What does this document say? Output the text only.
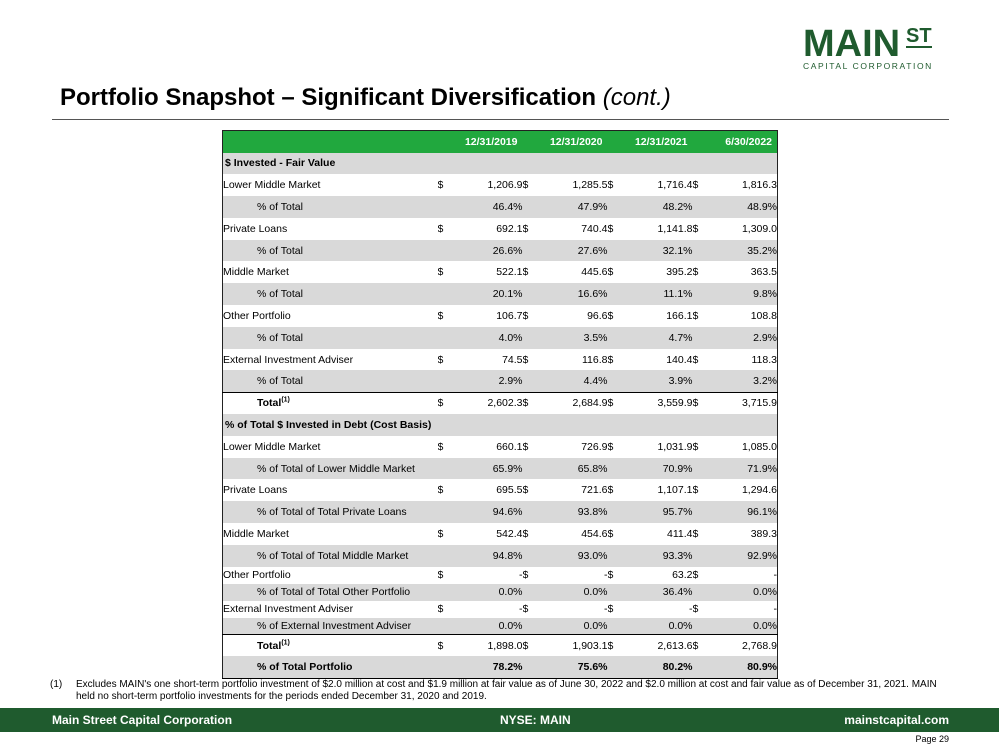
MAIN ST
CAPITAL CORPORATION
Portfolio Snapshot – Significant Diversification (cont.)
	12/31/2019		12/31/2020		12/31/2021		6/30/2022	
$ Invested - Fair Value								
Lower Middle Market	$	1,206.9	$	1,285.5	$	1,716.4	$	1,816.3
% of Total		46.4%		47.9%		48.2%		48.9%
Private Loans	$	692.1	$	740.4	$	1,141.8	$	1,309.0
% of Total		26.6%		27.6%		32.1%		35.2%
Middle Market	$	522.1	$	445.6	$	395.2	$	363.5
% of Total		20.1%		16.6%		11.1%		9.8%
Other Portfolio	$	106.7	$	96.6	$	166.1	$	108.8
% of Total		4.0%		3.5%		4.7%		2.9%
External Investment Adviser	$	74.5	$	116.8	$	140.4	$	118.3
% of Total		2.9%		4.4%		3.9%		3.2%
Total$^{(1)}$	$	2,602.3	$	2,684.9	$	3,559.9	$	3,715.9
% of Total $ Invested in Debt (Cost Basis)								
Lower Middle Market	$	660.1	$	726.9	$	1,031.9	$	1,085.0
% of Total of Lower Middle Market		65.9%		65.8%		70.9%		71.9%
Private Loans	$	695.5	$	721.6	$	1,107.1	$	1,294.6
% of Total of Total Private Loans		94.6%		93.8%		95.7%		96.1%
Middle Market	$	542.4	$	454.6	$	411.4	$	389.3
% of Total of Total Middle Market		94.8%		93.0%		93.3%		92.9%
Other Portfolio	$	-	$	-	$	63.2	$	-
% of Total of Total Other Portfolio		0.0%		0.0%		36.4%		0.0%
External Investment Adviser	$	-	$	-	$	-	$	-
% of External Investment Adviser		0.0%		0.0%		0.0%		0.0%
Total$^{(1)}$	$	1,898.0	$	1,903.1	$	2,613.6	$	2,768.9
% of Total Portfolio		78.2%		75.6%		80.2%		80.9%
(1) Excludes MAIN's one short-term portfolio investment of $2.0 million at cost and $1.9 million at fair value as of June 30, 2022 and $2.0 million at cost and fair value as of December 31, 2021. MAIN held no short-term portfolio investments for the periods ended December 31, 2020 and 2019.
Main Street Capital Corporation	NYSE: MAIN	mainstcapital.com
Page 29
